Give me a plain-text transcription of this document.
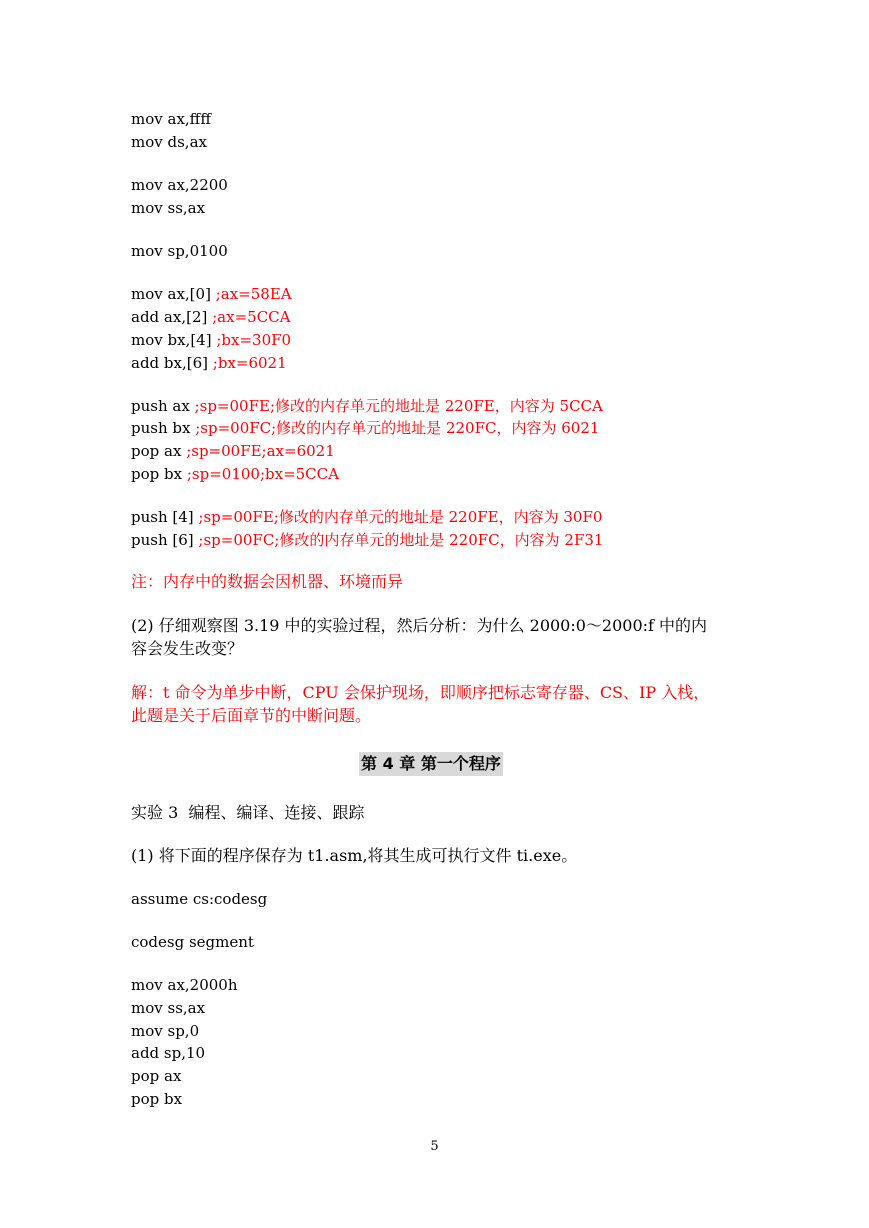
mov ax,ffff
mov ds,ax
mov ax,2200
mov ss,ax
mov sp,0100
mov ax,[0] ;ax=58EA
add ax,[2] ;ax=5CCA
mov bx,[4] ;bx=30F0
add bx,[6] ;bx=6021
push ax ;sp=00FE;修改的内存单元的地址是 220FE，内容为 5CCA
push bx ;sp=00FC;修改的内存单元的地址是 220FC，内容为 6021
pop ax ;sp=00FE;ax=6021
pop bx ;sp=0100;bx=5CCA
push [4] ;sp=00FE;修改的内存单元的地址是 220FE，内容为 30F0
push [6] ;sp=00FC;修改的内存单元的地址是 220FC，内容为 2F31
注：内存中的数据会因机器、环境而异
(2) 仔细观察图 3.19 中的实验过程，然后分析：为什么 2000:0～2000:f 中的内
容会发生改变？
解：t 命令为单步中断，CPU 会保护现场，即顺序把标志寄存器、CS、IP 入栈，
此题是关于后面章节的中断问题。
第 4 章 第一个程序
实验 3  编程、编译、连接、跟踪
(1) 将下面的程序保存为 t1.asm,将其生成可执行文件 ti.exe。
assume cs:codesg
codesg segment
mov ax,2000h
mov ss,ax
mov sp,0
add sp,10
pop ax
pop bx
5
